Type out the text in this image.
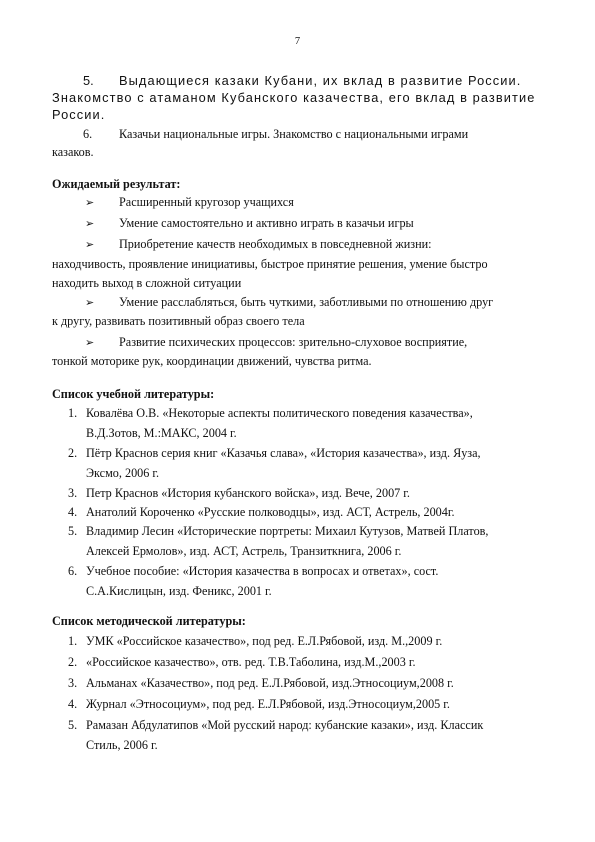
7
5. Выдающиеся казаки Кубани, их вклад в развитие России. Знакомство с атаманом Кубанского казачества, его вклад в развитие России.
6. Казачьи национальные игры. Знакомство с национальными играми
казаков.
Ожидаемый результат:
➢ Расширенный кругозор учащихся
➢ Умение самостоятельно и активно играть в казачьи игры
➢ Приобретение качеств необходимых в повседневной жизни:
находчивость, проявление инициативы, быстрое принятие решения, умение быстро
находить выход в сложной ситуации
➢ Умение расслабляться, быть чуткими, заботливыми по отношению друг
к другу, развивать позитивный образ своего тела
➢ Развитие психических процессов: зрительно-слуховое восприятие,
тонкой моторике рук, координации движений, чувства ритма.
Список учебной литературы:
1. Ковалёва О.В. «Некоторые аспекты политического поведения казачества»,
В.Д.Зотов, М.:МАКС, 2004 г.
2. Пётр Краснов серия книг «Казачья слава», «История казачества», изд. Яуза,
Эксмо, 2006 г.
3. Петр Краснов «История кубанского войска», изд. Вече, 2007 г.
4. Анатолий Короченко «Русские полководцы», изд. АСТ, Астрель, 2004г.
5. Владимир Лесин «Исторические портреты: Михаил Кутузов, Матвей Платов,
Алексей Ермолов», изд. АСТ, Астрель, Транзиткнига, 2006 г.
6. Учебное пособие: «История казачества в вопросах и ответах», сост.
С.А.Кислицын, изд. Феникс, 2001 г.
Список методической литературы:
1. УМК «Российское казачество», под ред. Е.Л.Рябовой, изд. М.,2009 г.
2. «Российское казачество», отв. ред. Т.В.Таболина, изд.М.,2003 г.
3. Альманах «Казачество», под ред. Е.Л.Рябовой, изд.Этносоциум,2008 г.
4. Журнал «Этносоциум», под ред. Е.Л.Рябовой, изд.Этносоциум,2005 г.
5. Рамазан Абдулатипов «Мой русский народ: кубанские казаки», изд. Классик
Стиль, 2006 г.
